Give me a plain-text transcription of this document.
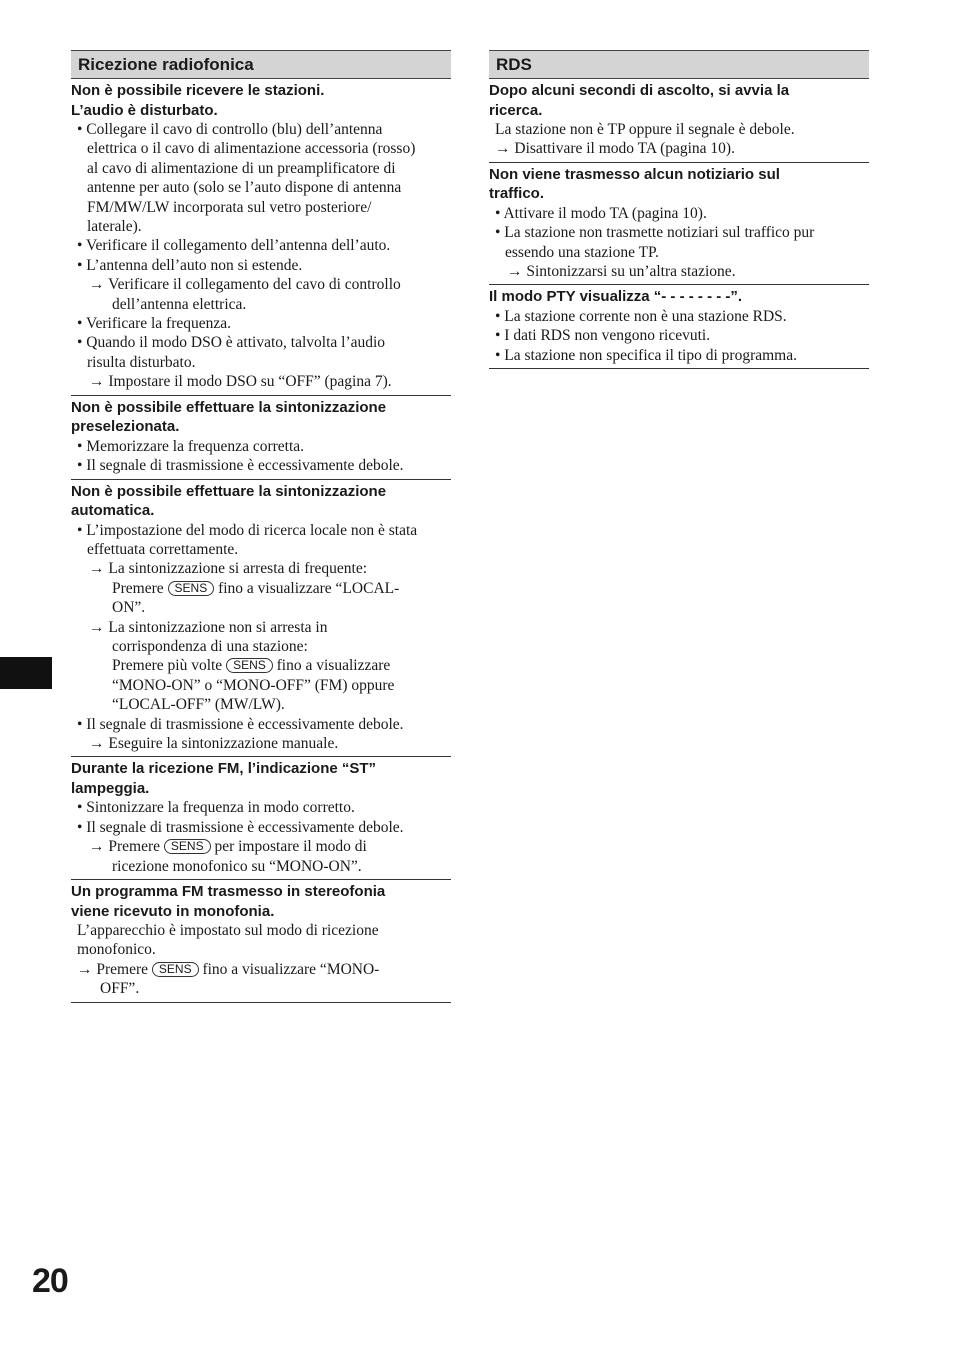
Ricezione radiofonica
Non è possibile ricevere le stazioni.
L’audio è disturbato.
• Collegare il cavo di controllo (blu) dell’antenna
elettrica o il cavo di alimentazione accessoria (rosso)
al cavo di alimentazione di un preamplificatore di
antenne per auto (solo se l’auto dispone di antenna
FM/MW/LW incorporata sul vetro posteriore/
laterale).
• Verificare il collegamento dell’antenna dell’auto.
• L’antenna dell’auto non si estende.
→ Verificare il collegamento del cavo di controllo
dell’antenna elettrica.
• Verificare la frequenza.
• Quando il modo DSO è attivato, talvolta l’audio
risulta disturbato.
→ Impostare il modo DSO su “OFF” (pagina 7).
Non è possibile effettuare la sintonizzazione
preselezionata.
• Memorizzare la frequenza corretta.
• Il segnale di trasmissione è eccessivamente debole.
Non è possibile effettuare la sintonizzazione
automatica.
• L’impostazione del modo di ricerca locale non è stata
effettuata correttamente.
→ La sintonizzazione si arresta di frequente:
Premere SENS fino a visualizzare “LOCAL-
ON”.
→ La sintonizzazione non si arresta in
corrispondenza di una stazione:
Premere più volte SENS fino a visualizzare
“MONO-ON” o “MONO-OFF” (FM) oppure
“LOCAL-OFF” (MW/LW).
• Il segnale di trasmissione è eccessivamente debole.
→ Eseguire la sintonizzazione manuale.
Durante la ricezione FM, l’indicazione “ST”
lampeggia.
• Sintonizzare la frequenza in modo corretto.
• Il segnale di trasmissione è eccessivamente debole.
→ Premere SENS per impostare il modo di
ricezione monofonico su “MONO-ON”.
Un programma FM trasmesso in stereofonia
viene ricevuto in monofonia.
L’apparecchio è impostato sul modo di ricezione
monofonico.
→ Premere SENS fino a visualizzare “MONO-
OFF”.
RDS
Dopo alcuni secondi di ascolto, si avvia la
ricerca.
La stazione non è TP oppure il segnale è debole.
→ Disattivare il modo TA (pagina 10).
Non viene trasmesso alcun notiziario sul
traffico.
• Attivare il modo TA (pagina 10).
• La stazione non trasmette notiziari sul traffico pur
essendo una stazione TP.
→ Sintonizzarsi su un’altra stazione.
Il modo PTY visualizza “- - - - - - - -”.
• La stazione corrente non è una stazione RDS.
• I dati RDS non vengono ricevuti.
• La stazione non specifica il tipo di programma.
20
